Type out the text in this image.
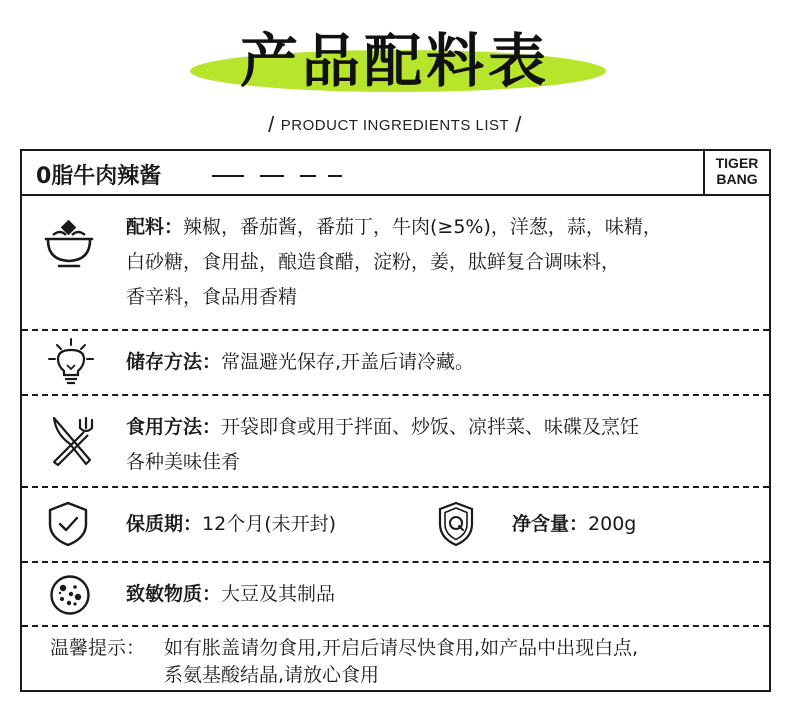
产品配料表
/ PRODUCT INGREDIENTS LIST /
0脂牛肉辣酱
TIGER
BANG
配料：辣椒，番茄酱，番茄丁，牛肉(≥5%)，洋葱，蒜，味精，
白砂糖，食用盐，酿造食醋，淀粉，姜，肽鲜复合调味料，
香辛料，食品用香精
储存方法：常温避光保存,开盖后请冷藏。
食用方法：开袋即食或用于拌面、炒饭、凉拌菜、味碟及烹饪
各种美味佳肴
保质期：12个月(未开封)	净含量：200g
致敏物质：大豆及其制品
温馨提示： 如有胀盖请勿食用,开启后请尽快食用,如产品中出现白点,
系氨基酸结晶,请放心食用
